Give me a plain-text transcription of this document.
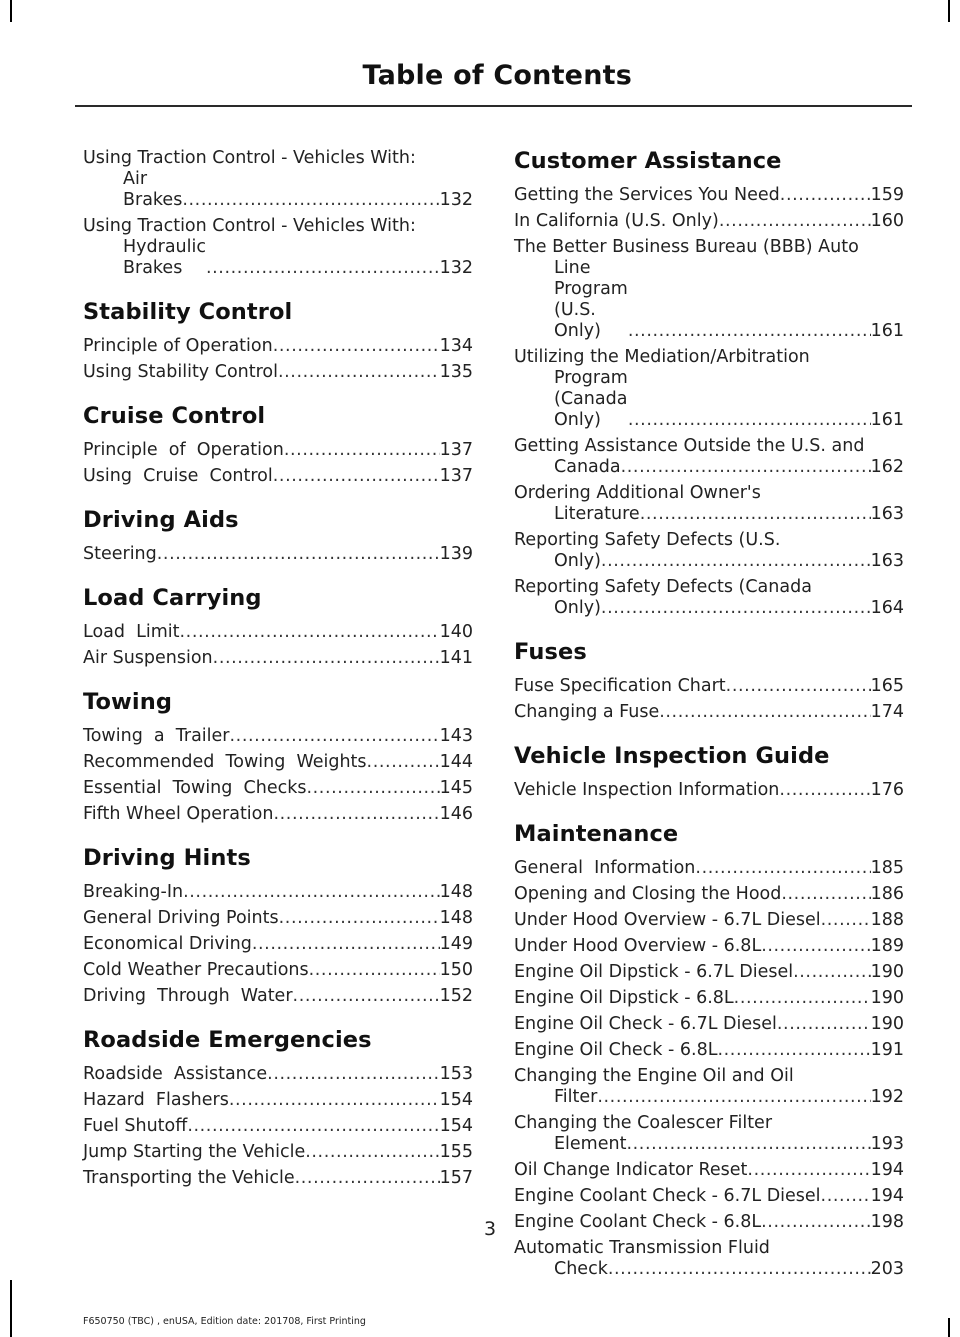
Table of Contents
Using Traction Control - Vehicles With:
Air Brakes .....	132
Using Traction Control - Vehicles With:
Hydraulic Brakes .....	132
Stability Control
Principle of Operation .....	134
Using Stability Control .....	135
Cruise Control
Principle  of  Operation .....	137
Using  Cruise  Control .....	137
Driving Aids
Steering .....	139
Load Carrying
Load  Limit .....	140
Air Suspension .....	141
Towing
Towing  a  Trailer .....	143
Recommended  Towing  Weights .....	144
Essential  Towing  Checks .....	145
Fifth Wheel Operation .....	146
Driving Hints
Breaking-In .....	148
General Driving Points .....	148
Economical Driving .....	149
Cold Weather Precautions .....	150
Driving  Through  Water .....	152
Roadside Emergencies
Roadside  Assistance .....	153
Hazard  Flashers .....	154
Fuel Shutoff .....	154
Jump Starting the Vehicle .....	155
Transporting the Vehicle .....	157
Customer Assistance
Getting the Services You Need .....	159
In California (U.S. Only) .....	160
The Better Business Bureau (BBB) Auto
Line Program (U.S. Only) .....	161
Utilizing the Mediation/Arbitration
Program (Canada Only) .....	161
Getting Assistance Outside the U.S. and
Canada .....	162
Ordering Additional Owner's
Literature .....	163
Reporting Safety Defects (U.S.
Only) .....	163
Reporting Safety Defects (Canada
Only) .....	164
Fuses
Fuse Specification Chart .....	165
Changing a Fuse .....	174
Vehicle Inspection Guide
Vehicle Inspection Information .....	176
Maintenance
General  Information .....	185
Opening and Closing the Hood .....	186
Under Hood Overview - 6.7L Diesel .....	188
Under Hood Overview - 6.8L .....	189
Engine Oil Dipstick - 6.7L Diesel .....	190
Engine Oil Dipstick - 6.8L .....	190
Engine Oil Check - 6.7L Diesel .....	190
Engine Oil Check - 6.8L .....	191
Changing the Engine Oil and Oil
Filter .....	192
Changing the Coalescer Filter
Element .....	193
Oil Change Indicator Reset .....	194
Engine Coolant Check - 6.7L Diesel .....	194
Engine Coolant Check - 6.8L .....	198
Automatic Transmission Fluid
Check .....	203
3
F650750 (TBC) , enUSA, Edition date: 201708, First Printing
